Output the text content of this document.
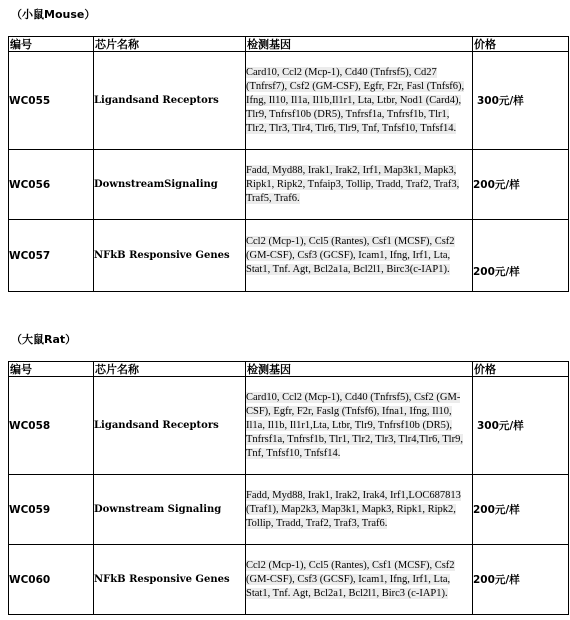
（小鼠Mouse）
编号	芯片名称	检测基因	价格
WC055	Ligandsand Receptors	Card10, Ccl2 (Mcp-1), Cd40 (Tnfrsf5), Cd27 (Tnfrsf7), Csf2 (GM-CSF), Egfr, F2r, Fasl (Tnfsf6), Ifng, Il10, Il1a, Il1b,Il1r1, Lta, Ltbr, Nod1 (Card4), Tlr9, Tnfrsf10b (DR5), Tnfrsf1a, Tnfrsf1b, Tlr1, Tlr2, Tlr3, Tlr4, Tlr6, Tlr9, Tnf, Tnfsf10, Tnfsf14.	300元/样
WC056	DownstreamSignaling	Fadd, Myd88, Irak1, Irak2, Irf1, Map3k1, Mapk3, Ripk1, Ripk2, Tnfaip3, Tollip, Tradd, Traf2, Traf3, Traf5, Traf6.	200元/样
WC057	NFkB Responsive Genes	Ccl2 (Mcp-1), Ccl5 (Rantes), Csf1 (MCSF), Csf2 (GM-CSF), Csf3 (GCSF), Icam1, Ifng, Irf1, Lta, Stat1, Tnf. Agt, Bcl2a1a, Bcl2l1, Birc3(c-IAP1).	200元/样
（大鼠Rat）
编号	芯片名称	检测基因	价格
WC058	Ligandsand Receptors	Card10, Ccl2 (Mcp-1), Cd40 (Tnfrsf5), Csf2 (GM-CSF), Egfr, F2r, Faslg (Tnfsf6), Ifna1, Ifng, Il10, Il1a, Il1b, Il1r1,Lta, Ltbr, Tlr9, Tnfrsf10b (DR5), Tnfrsf1a, Tnfrsf1b, Tlr1, Tlr2, Tlr3, Tlr4,Tlr6, Tlr9, Tnf, Tnfsf10, Tnfsf14.	300元/样
WC059	Downstream Signaling	Fadd, Myd88, Irak1, Irak2, Irak4, Irf1,LOC687813 (Traf1), Map2k3, Map3k1, Mapk3, Ripk1, Ripk2, Tollip, Tradd, Traf2, Traf3, Traf6.	200元/样
WC060	NFkB Responsive Genes	Ccl2 (Mcp-1), Ccl5 (Rantes), Csf1 (MCSF), Csf2 (GM-CSF), Csf3 (GCSF), Icam1, Ifng, Irf1, Lta, Stat1, Tnf. Agt, Bcl2a1, Bcl2l1, Birc3 (c-IAP1).	200元/样
